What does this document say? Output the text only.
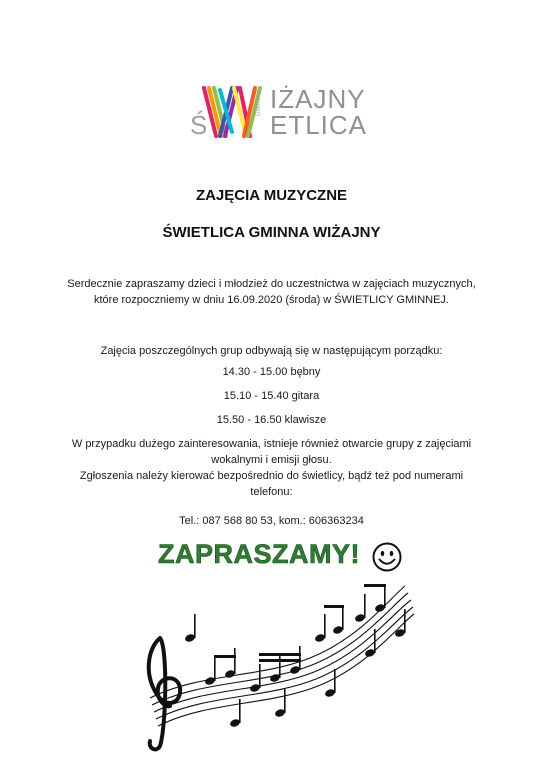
Ś
GMINNA IŻAJNY
ETLICA
ZAJĘCIA MUZYCZNE
ŚWIETLICA GMINNA WIŻAJNY
Serdecznie zapraszamy dzieci i młodzież do uczestnictwa w zajęciach muzycznych,
które rozpoczniemy w dniu 16.09.2020 (środa) w ŚWIETLICY GMINNEJ.
Zajęcia poszczególnych grup odbywają się w następującym porządku:
14.30 - 15.00 bębny
15.10 - 15.40 gitara
15.50 - 16.50 klawisze
W przypadku dużego zainteresowania, istnieje również otwarcie grupy z zajęciami wokalnymi i emisji głosu.
Zgłoszenia należy kierować bezpośrednio do świetlicy, bądź też pod numerami telefonu:
Tel.: 087 568 80 53, kom.: 606363234
ZAPRASZAMY!
